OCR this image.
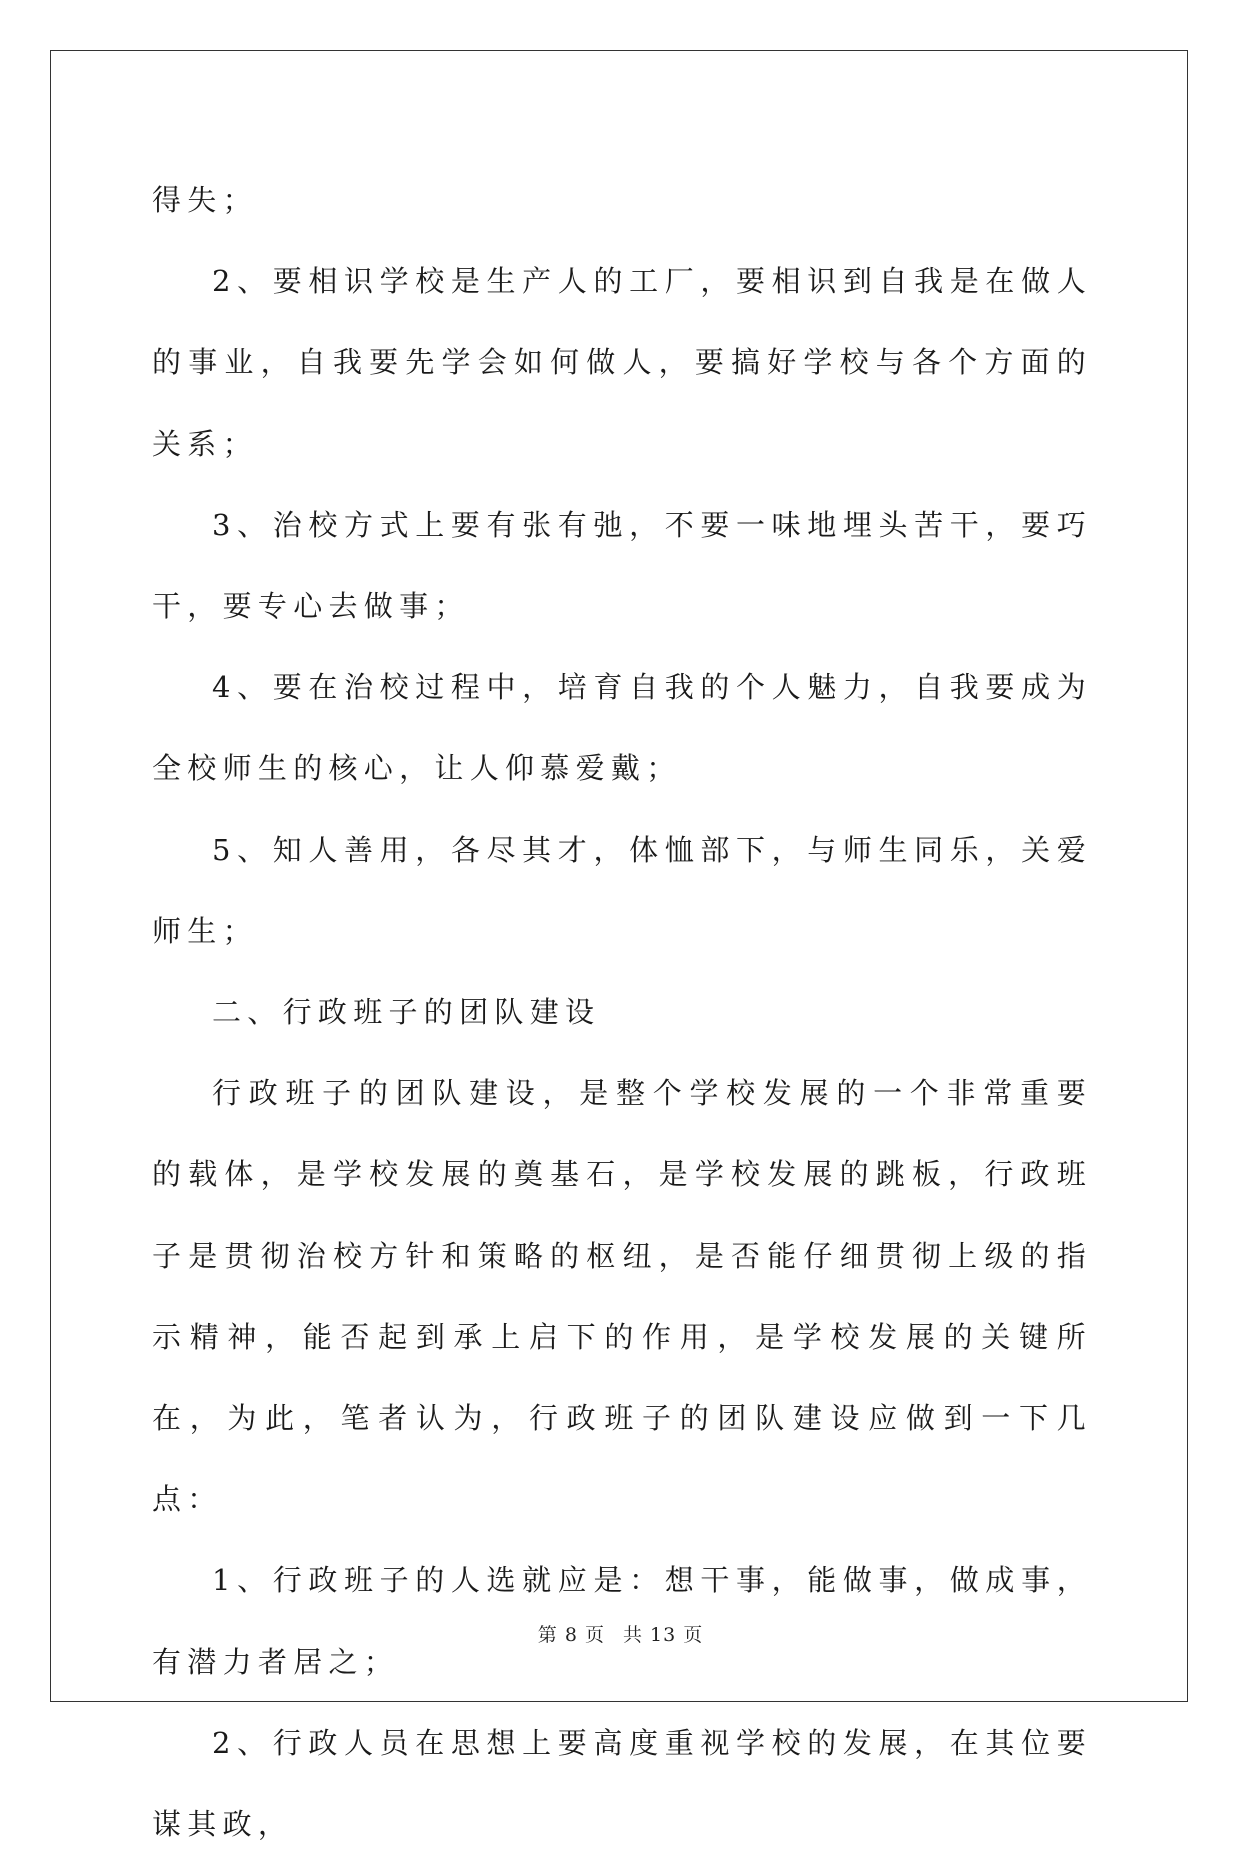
得失；

2、要相识学校是生产人的工厂，要相识到自我是在做人的事业，自我要先学会如何做人，要搞好学校与各个方面的关系；

3、治校方式上要有张有弛，不要一味地埋头苦干，要巧干，要专心去做事；

4、要在治校过程中，培育自我的个人魅力，自我要成为全校师生的核心，让人仰慕爱戴；

5、知人善用，各尽其才，体恤部下，与师生同乐，关爱师生；

二、行政班子的团队建设

行政班子的团队建设，是整个学校发展的一个非常重要的载体，是学校发展的奠基石，是学校发展的跳板，行政班子是贯彻治校方针和策略的枢纽，是否能仔细贯彻上级的指示精神，能否起到承上启下的作用，是学校发展的关键所在，为此，笔者认为，行政班子的团队建设应做到一下几点：

1、行政班子的人选就应是：想干事，能做事，做成事，有潜力者居之；

2、行政人员在思想上要高度重视学校的发展，在其位要谋其政，

第 8 页 共 13 页
